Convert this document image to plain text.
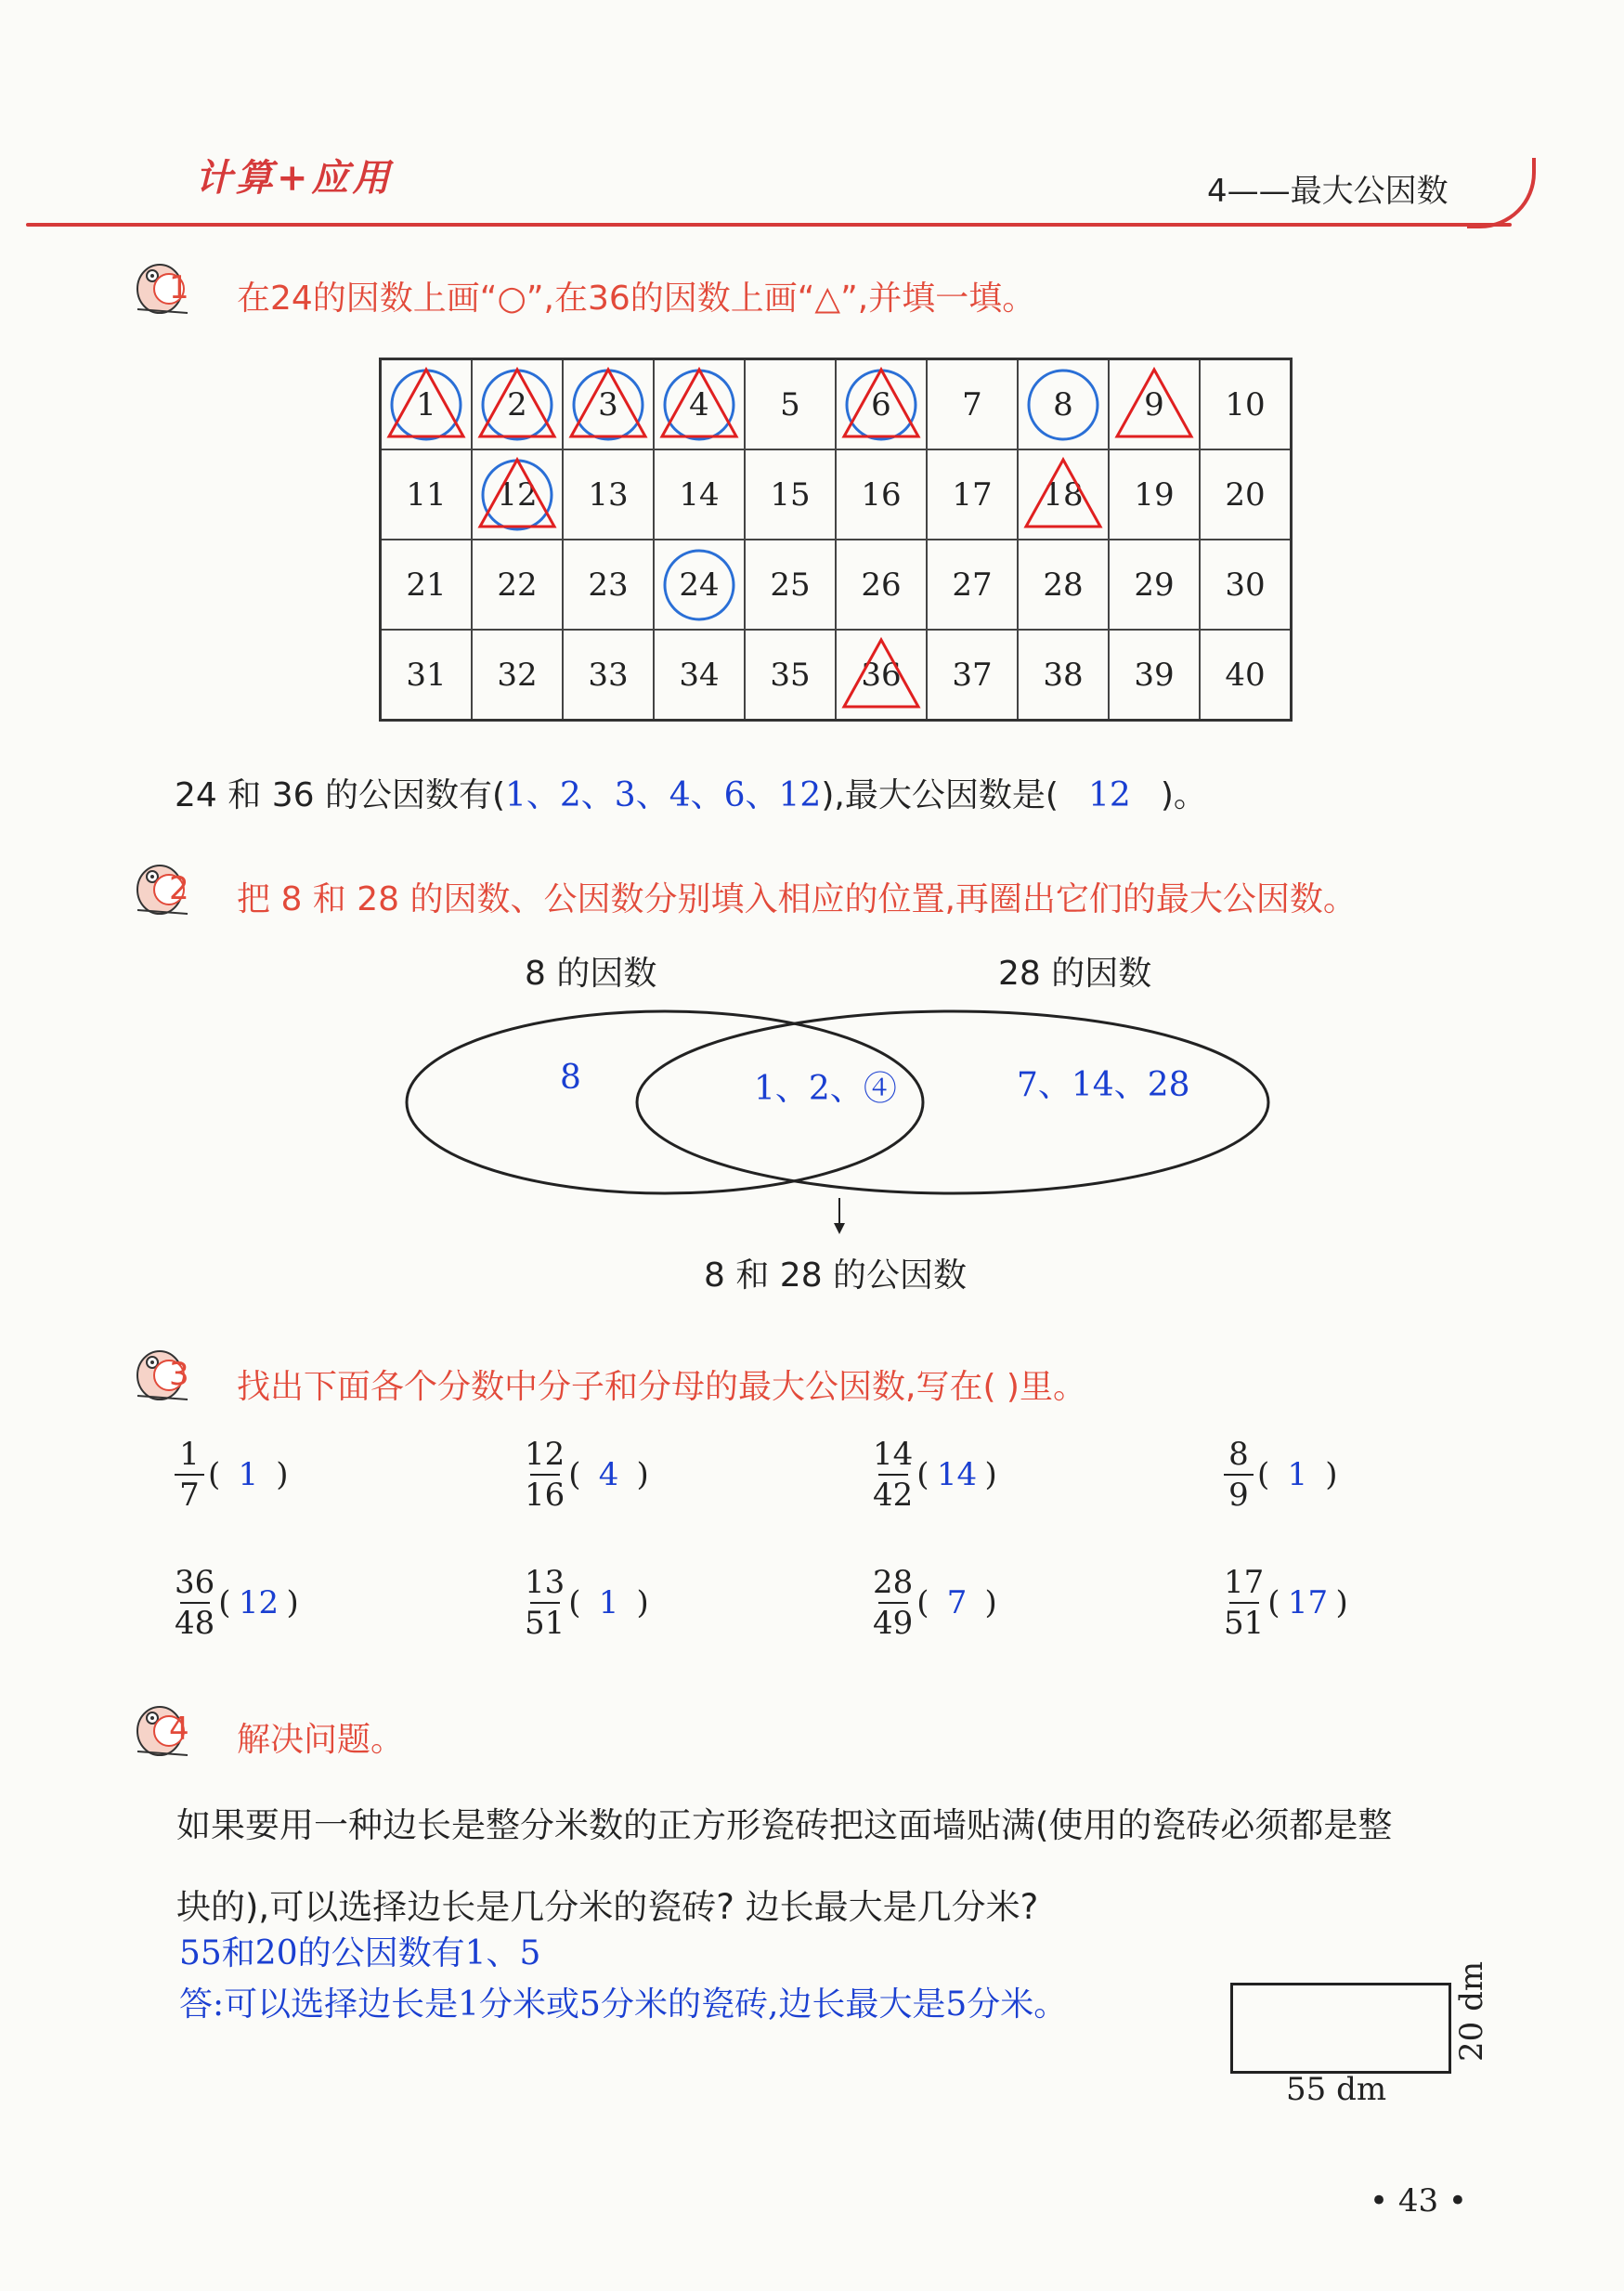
计算+应用	4——最大公因数
1 在24的因数上画“○”,在36的因数上画“△”,并填一填。
1	2	3	4	5	6	7	8	9	10
11	12	13	14	15	16	17	18	19	20
21	22	23	24	25	26	27	28	29	30
31	32	33	34	35	36	37	38	39	40
24 和 36 的公因数有(1、2、3、4、6、12),最大公因数是( 12 )。
2 把 8 和 28 的因数、公因数分别填入相应的位置,再圈出它们的最大公因数。
8 的因数	28 的因数
8	1、2、④	7、14、28
8 和 28 的公因数
3 找出下面各个分数中分子和分母的最大公因数,写在( )里。
1
7
( 1 )
12
16
( 4 )
14
42
( 14 )
8
9
( 1 )
36
48
( 12 )
13
51
( 1 )
28
49
( 7 )
17
51
( 17 )
4 解决问题。
如果要用一种边长是整分米数的正方形瓷砖把这面墙贴满(使用的瓷砖必须都是整
块的),可以选择边长是几分米的瓷砖? 边长最大是几分米?
55和20的公因数有1、5
答:可以选择边长是1分米或5分米的瓷砖,边长最大是5分米。
55 dm
20 dm
• 43 •
